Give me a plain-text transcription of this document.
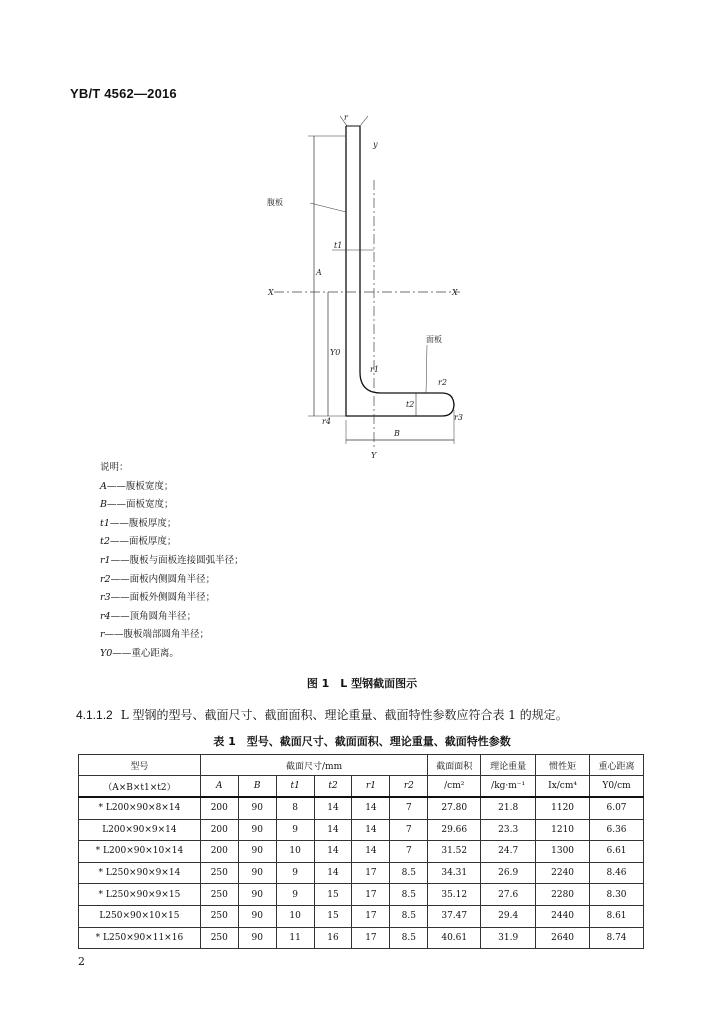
YB/T 4562—2016
腹板
面板
X	X
y
Y
t1
A
Y0
r1
r2
r3
r4
t2
B
r
说明：
A——腹板宽度；
B——面板宽度；
t1——腹板厚度；
t2——面板厚度；
r1——腹板与面板连接圆弧半径；
r2——面板内侧圆角半径；
r3——面板外侧圆角半径；
r4——顶角圆角半径；
r——腹板端部圆角半径；
Y0——重心距离。
图 1　L 型钢截面图示
4.1.1.2 L 型钢的型号、截面尺寸、截面面积、理论重量、截面特性参数应符合表 1 的规定。
表 1　型号、截面尺寸、截面面积、理论重量、截面特性参数
型号	截面尺寸/mm						截面面积	理论重量	惯性矩	重心距离
（A×B×t1×t2）	A	B	t1	t2	r1	r2	/cm²	/kg·m⁻¹	Ix/cm⁴	Y0/cm
* L200×90×8×14	200	90	8	14	14	7	27.80	21.8	1120	6.07
L200×90×9×14	200	90	9	14	14	7	29.66	23.3	1210	6.36
* L200×90×10×14	200	90	10	14	14	7	31.52	24.7	1300	6.61
* L250×90×9×14	250	90	9	14	17	8.5	34.31	26.9	2240	8.46
* L250×90×9×15	250	90	9	15	17	8.5	35.12	27.6	2280	8.30
L250×90×10×15	250	90	10	15	17	8.5	37.47	29.4	2440	8.61
* L250×90×11×16	250	90	11	16	17	8.5	40.61	31.9	2640	8.74
2
